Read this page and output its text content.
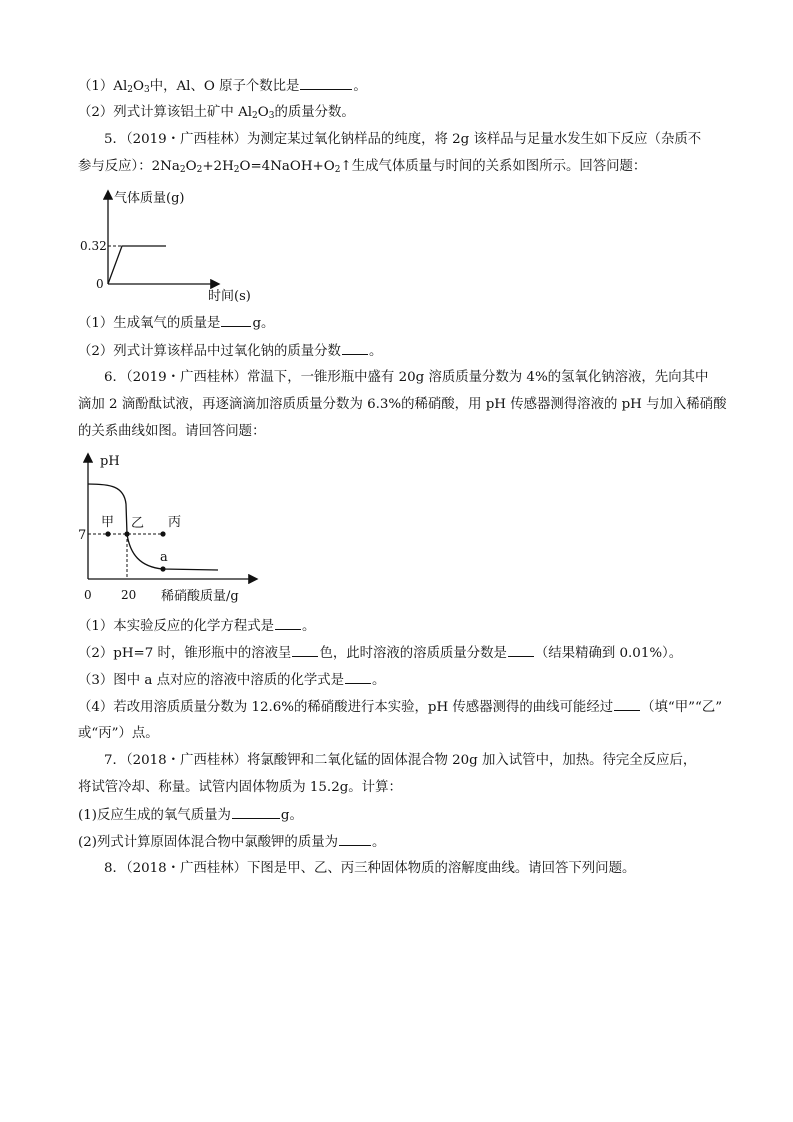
$(1)Al_2O_3$中，Al、O 原子个数比是	。
（2）列式计算该铝土矿中 $Al_2O_3$的质量分数。
5．（2019・广西桂林）为测定某过氧化钠样品的纯度，将 2g 该样品与足量水发生如下反应（杂质不
参与反应）：$2Na_2O_2+2H_2O=4NaOH+O_2↑$生成气体质量与时间的关系如图所示。回答问题：
气体质量(g)
0.32
0
时间(s)
（1）生成氧气的质量是 g。
（2）列式计算该样品中过氧化钠的质量分数 。
6．（2019・广西桂林）常温下，一锥形瓶中盛有 20g 溶质质量分数为 4%的氢氧化钠溶液，先向其中
滴加 2 滴酚酞试液，再逐滴滴加溶质质量分数为 6.3%的稀硝酸，用 pH 传感器测得溶液的 pH 与加入稀硝酸
的关系曲线如图。请回答问题：
pH
7
甲 乙 丙
a
0 20 稀硝酸质量/g
（1）本实验反应的化学方程式是 。
（2）pH=7 时，锥形瓶中的溶液呈 色，此时溶液的溶质质量分数是 （结果精确到 0.01%）。
（3）图中 a 点对应的溶液中溶质的化学式是 。
（4）若改用溶质质量分数为 12.6%的稀硝酸进行本实验，pH 传感器测得的曲线可能经过 （填“甲”“乙”
或“丙”）点。
7．（2018・广西桂林）将氯酸钾和二氧化锰的固体混合物 20g 加入试管中，加热。待完全反应后，
将试管冷却、称量。试管内固体物质为 15.2g。计算：
(1)反应生成的氧气质量为	g。
(2)列式计算原固体混合物中氯酸钾的质量为	。
8．（2018・广西桂林）下图是甲、乙、丙三种固体物质的溶解度曲线。请回答下列问题。
